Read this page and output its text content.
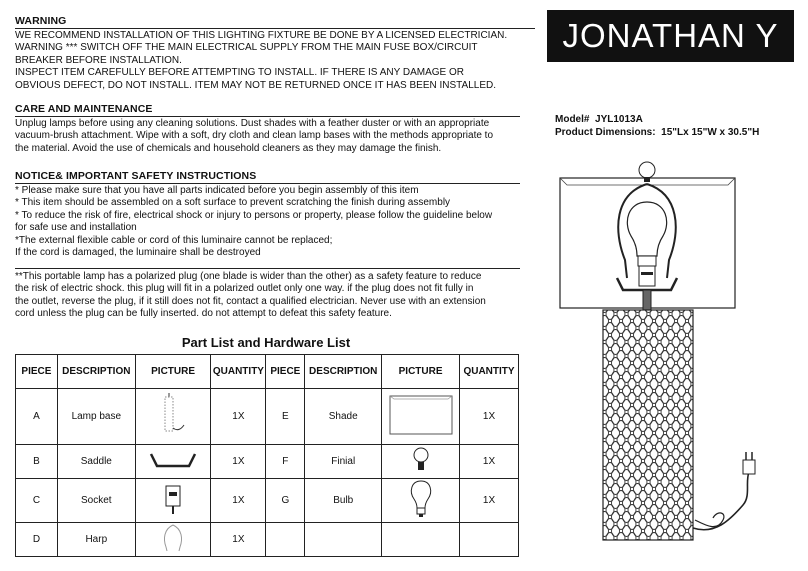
WARNING
WE RECOMMEND INSTALLATION OF THIS LIGHTING FIXTURE BE DONE BY A LICENSED ELECTRICIAN.
WARNING *** SWITCH OFF THE MAIN ELECTRICAL SUPPLY FROM THE MAIN FUSE BOX/CIRCUIT
BREAKER BEFORE INSTALLATION.
INSPECT ITEM CAREFULLY BEFORE ATTEMPTING TO INSTALL. IF THERE IS ANY DAMAGE OR
OBVIOUS DEFECT, DO NOT INSTALL. ITEM MAY NOT BE RETURNED ONCE IT HAS BEEN INSTALLED.
CARE AND MAINTENANCE
Unplug lamps before using any cleaning solutions. Dust shades with a feather duster or with an appropriate
vacuum-brush attachment. Wipe with a soft, dry cloth and clean lamp bases with the methods appropriate to
the material. Avoid the use of chemicals and household cleaners as they may damage the finish.
NOTICE& IMPORTANT SAFETY INSTRUCTIONS
* Please make sure that you have all parts indicated before you begin assembly of this item
* This item should be assembled on a soft surface to prevent scratching the finish during assembly
* To reduce the risk of fire, electrical shock or injury to persons or property, please follow the guideline below
for safe use and installation
*The external flexible cable or cord of this luminaire cannot be replaced;
If the cord is damaged, the luminaire shall be destroyed
**This portable lamp has a polarized plug (one blade is wider than the other) as a safety feature to reduce
the risk of electric shock. this plug will fit in a polarized outlet only one way. if the plug does not fit fully in
the outlet, reverse the plug, if it still does not fit, contact a qualified electrician. Never use with an extension
cord unless the plug can be fully inserted. do not attempt to defeat this safety feature.
JONATHAN Y
Model# JYL1013A
Product Dimensions: 15"Lx 15"W x 30.5"H
Part List and Hardware List
PIECE	DESCRIPTION	PICTURE	QUANTITY	PIECE	DESCRIPTION	PICTURE	QUANTITY
A	Lamp base		1X	E	Shade		1X
B	Saddle		1X	F	Finial		1X
C	Socket		1X	G	Bulb		1X
D	Harp		1X				
